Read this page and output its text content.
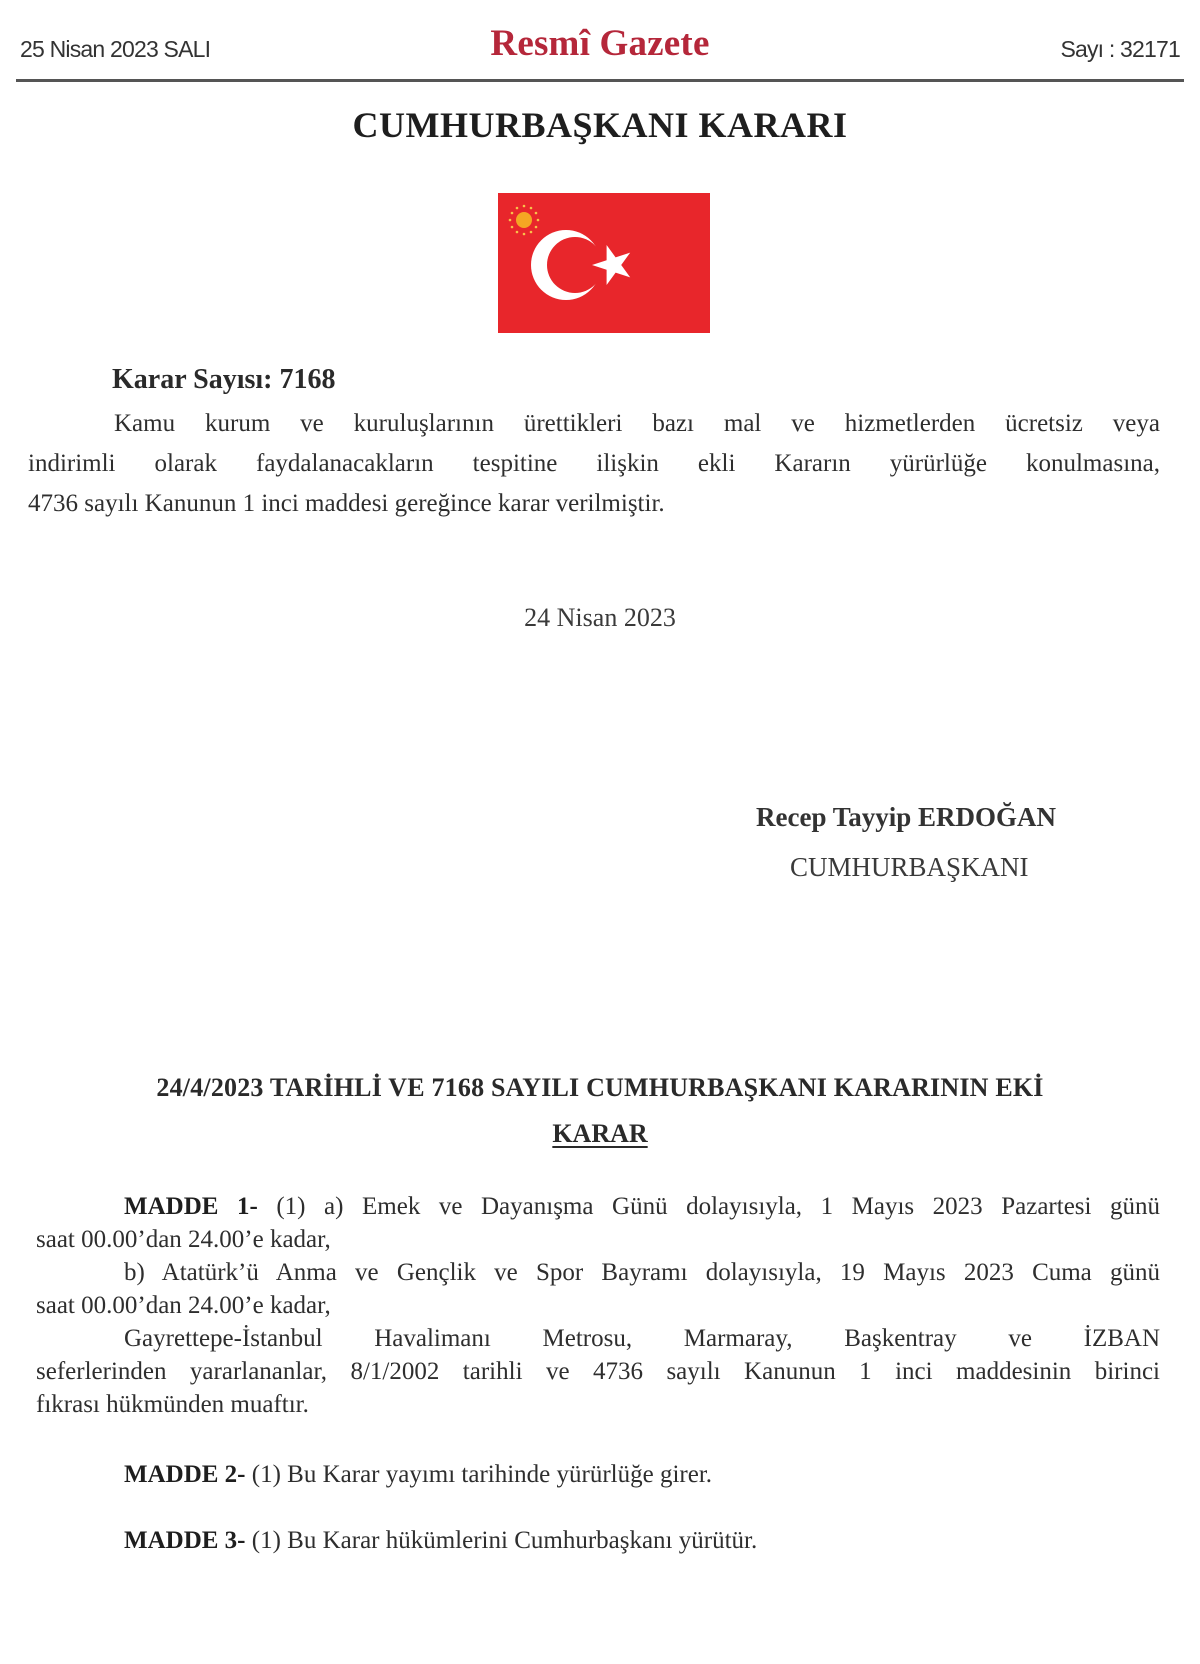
25 Nisan 2023 SALI	Resmî Gazete	Sayı : 32171
CUMHURBAŞKANI KARARI
Karar Sayısı: 7168
Kamu kurum ve kuruluşlarının ürettikleri bazı mal ve hizmetlerden ücretsiz veya
indirimli olarak faydalanacakların tespitine ilişkin ekli Kararın yürürlüğe konulmasına,
4736 sayılı Kanunun 1 inci maddesi gereğince karar verilmiştir.
24 Nisan 2023
Recep Tayyip ERDOĞAN
CUMHURBAŞKANI
24/4/2023 TARİHLİ VE 7168 SAYILI CUMHURBAŞKANI KARARININ EKİ
KARAR
MADDE 1- (1) a) Emek ve Dayanışma Günü dolayısıyla, 1 Mayıs 2023 Pazartesi günü
saat 00.00’dan 24.00’e kadar,
b) Atatürk’ü Anma ve Gençlik ve Spor Bayramı dolayısıyla, 19 Mayıs 2023 Cuma günü
saat 00.00’dan 24.00’e kadar,
Gayrettepe-İstanbul Havalimanı Metrosu, Marmaray, Başkentray ve İZBAN
seferlerinden yararlananlar, 8/1/2002 tarihli ve 4736 sayılı Kanunun 1 inci maddesinin birinci
fıkrası hükmünden muaftır.
MADDE 2- (1) Bu Karar yayımı tarihinde yürürlüğe girer.
MADDE 3- (1) Bu Karar hükümlerini Cumhurbaşkanı yürütür.
